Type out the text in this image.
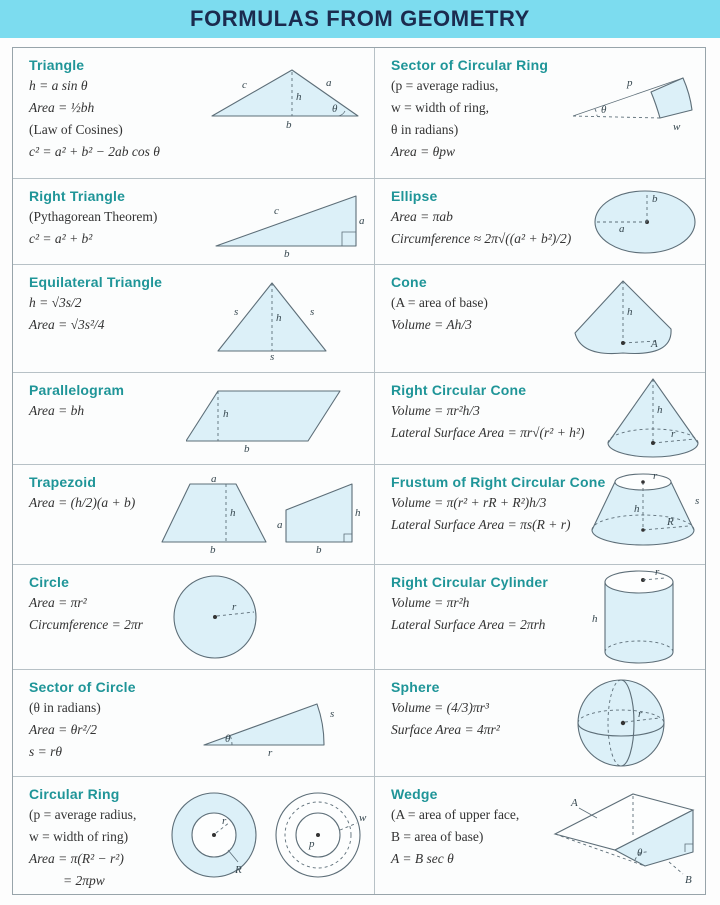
FORMULAS FROM GEOMETRY
Triangle

h = a sin θ

Area = ½bh

(Law of Cosines)

c² = a² + b² − 2ab cos θ

c	a
h
θ
b
Sector of Circular Ring

(p = average radius,

w = width of ring,

θ in radians)

Area = θpw

p
θ
w
Right Triangle

(Pythagorean Theorem)

c² = a² + b²

c
a
b
Ellipse

Area = πab

Circumference ≈ 2π√((a² + b²)/2)

a
b
Equilateral Triangle

h = √3s/2

Area = √3s²/4

s	s
h
s
Cone

(A = area of base)

Volume = Ah/3

h
A
Parallelogram

Area = bh	h
b
Right Circular Cone

Volume = πr²h/3

Lateral Surface Area = πr√(r² + h²)

h
r
Trapezoid

Area = (h/2)(a + b)

a
h
b
a
h
b
Frustum of Right Circular Cone

Volume = π(r² + rR + R²)h/3

Lateral Surface Area = πs(R + r)

r
s
h
R
Circle

Area = πr²

Circumference = 2πr

r
Right Circular Cylinder

Volume = πr²h

Lateral Surface Area = 2πrh

r
h
Sector of Circle

(θ in radians)

Area = θr²/2

s = rθ

θ
r
s
Sphere

Volume = (4/3)πr³

Surface Area = 4πr²

r
Circular Ring

(p = average radius,

w = width of ring)

Area = π(R² − r²)

= 2πpw

r
R
p
w
Wedge

(A = area of upper face,

B = area of base)

A = B sec θ

A
θ
B
